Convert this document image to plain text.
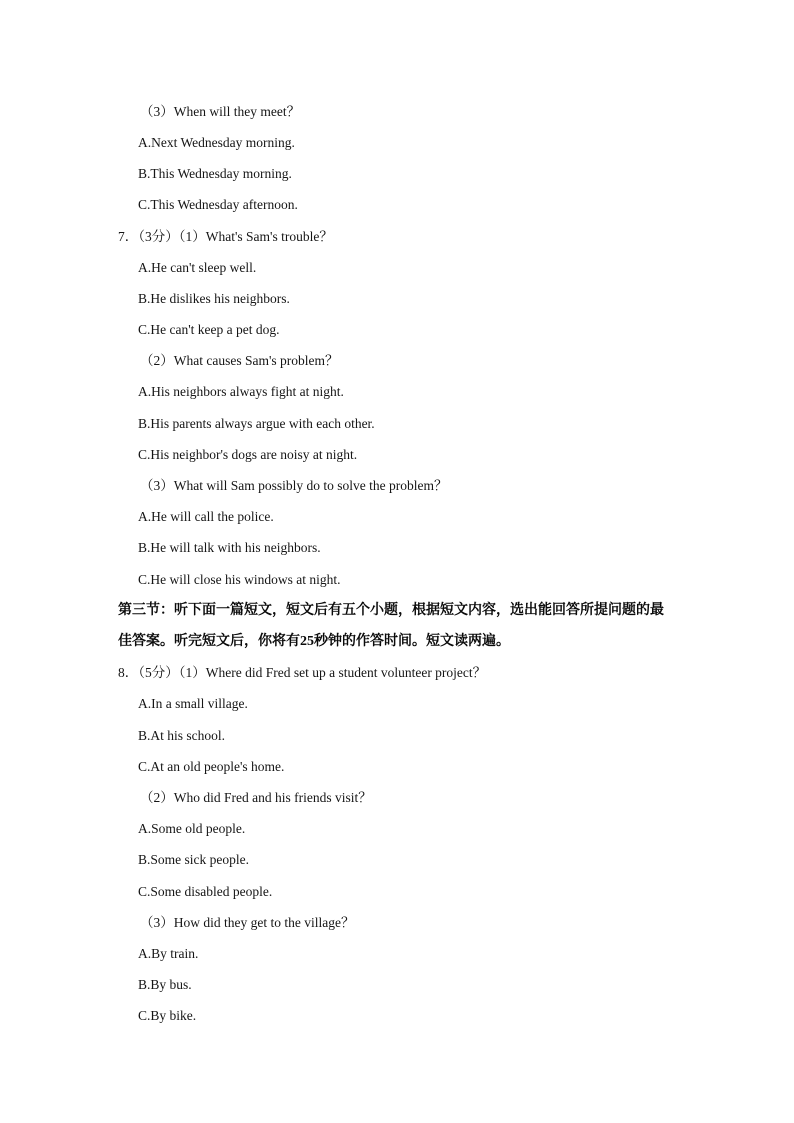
（3）When will they meet？
A.Next Wednesday morning.
B.This Wednesday morning.
C.This Wednesday afternoon.
7．（3分）（1）What's Sam's trouble？
A.He can't sleep well.
B.He dislikes his neighbors.
C.He can't keep a pet dog.
（2）What causes Sam's problem？
A.His neighbors always fight at night.
B.His parents always argue with each other.
C.His neighbor's dogs are noisy at night.
（3）What will Sam possibly do to solve the problem？
A.He will call the police.
B.He will talk with his neighbors.
C.He will close his windows at night.
第三节：听下面一篇短文，短文后有五个小题，根据短文内容，选出能回答所提问题的最
佳答案。听完短文后，你将有25秒钟的作答时间。短文读两遍。
8．（5分）（1）Where did Fred set up a student volunteer project？
A.In a small village.
B.At his school.
C.At an old people's home.
（2）Who did Fred and his friends visit？
A.Some old people.
B.Some sick people.
C.Some disabled people.
（3）How did they get to the village？
A.By train.
B.By bus.
C.By bike.
